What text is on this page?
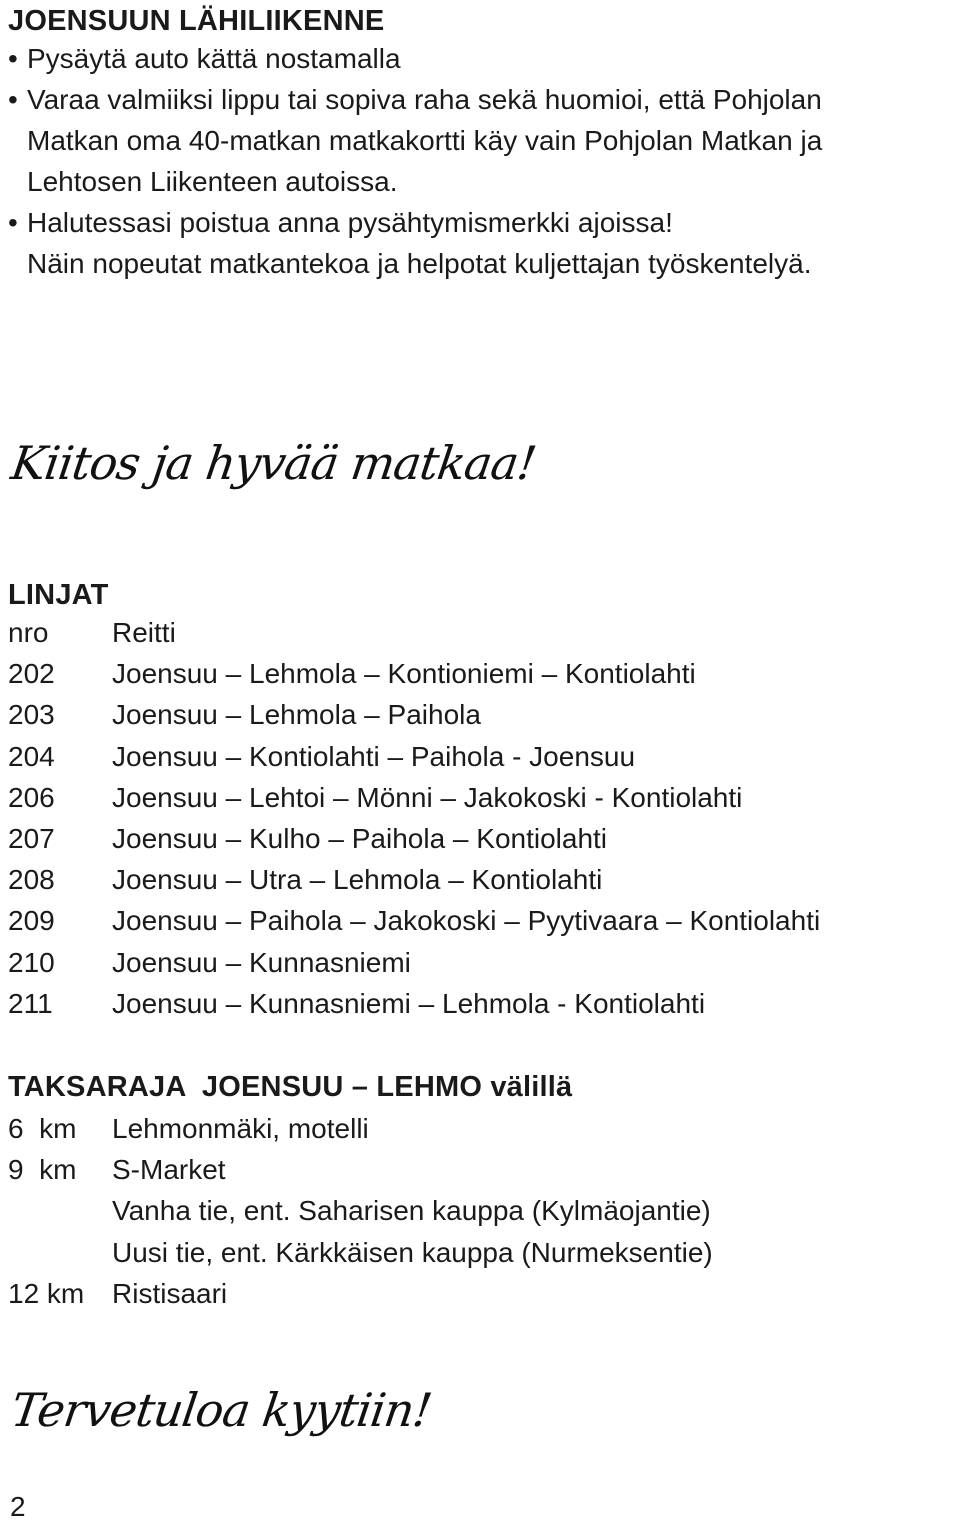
JOENSUUN LÄHILIIKENNE
• Pysäytä auto kättä nostamalla
• Varaa valmiiksi lippu tai sopiva raha sekä huomioi, että Pohjolan
Matkan oma 40-matkan matkakortti käy vain Pohjolan Matkan ja
Lehtosen Liikenteen autoissa.
• Halutessasi poistua anna pysähtymismerkki ajoissa!
Näin nopeutat matkantekoa ja helpotat kuljettajan työskentelyä.
Kiitos ja hyvää matkaa!
LINJAT
nro	Reitti
202	Joensuu – Lehmola – Kontioniemi – Kontiolahti
203	Joensuu – Lehmola – Paihola
204	Joensuu – Kontiolahti – Paihola - Joensuu
206	Joensuu – Lehtoi – Mönni – Jakokoski - Kontiolahti
207	Joensuu – Kulho – Paihola – Kontiolahti
208	Joensuu – Utra – Lehmola – Kontiolahti
209	Joensuu – Paihola – Jakokoski – Pyytivaara – Kontiolahti
210	Joensuu – Kunnasniemi
211	Joensuu – Kunnasniemi – Lehmola - Kontiolahti
TAKSARAJA  JOENSUU – LEHMO välillä
6  km	Lehmonmäki, motelli
9  km	S-Market
Vanha tie, ent. Saharisen kauppa (Kylmäojantie)
Uusi tie, ent. Kärkkäisen kauppa (Nurmeksentie)
12 km Ristisaari
Tervetuloa kyytiin!
2
